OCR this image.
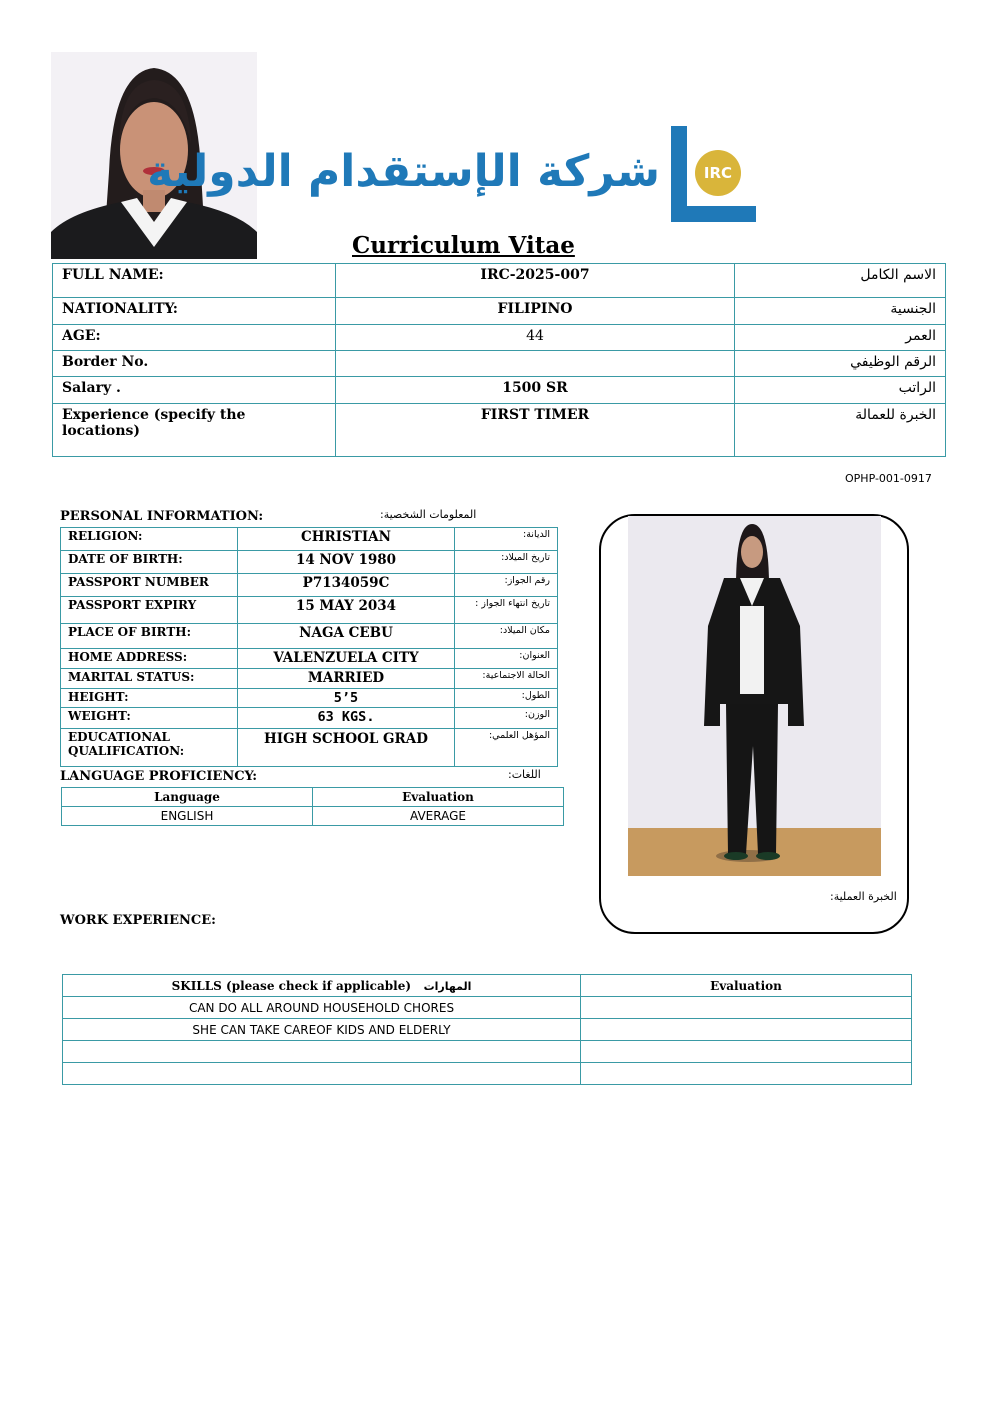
شركة الإستقدام الدولية	IRC
Curriculum Vitae
FULL NAME:	IRC-2025-007	الاسم الكامل
NATIONALITY:	FILIPINO	الجنسية
AGE:	44	العمر
Border No.		الرقم الوظيفي
Salary .	1500 SR	الراتب
Experience (specify the locations)	FIRST TIMER	الخبرة للعمالة
OPHP-001-0917
PERSONAL INFORMATION:	المعلومات الشخصية:
RELIGION:	CHRISTIAN	الديانة:
DATE OF BIRTH:	14 NOV 1980	تاريخ الميلاد:
PASSPORT NUMBER	P7134059C	رقم الجواز:
PASSPORT EXPIRY	15 MAY 2034	تاريخ انتهاء الجواز :
PLACE OF BIRTH:	NAGA CEBU	مكان الميلاد:
HOME ADDRESS:	VALENZUELA CITY	العنوان:
MARITAL STATUS:	MARRIED	الحالة الاجتماعية:
HEIGHT:	5’5	الطول:
WEIGHT:	63 KGS.	الوزن:
EDUCATIONAL QUALIFICATION:	HIGH SCHOOL GRAD	المؤهل العلمي:
LANGUAGE PROFICIENCY:	اللغات:
Language	Evaluation
ENGLISH	AVERAGE
الخبرة العملية:
WORK EXPERIENCE:
SKILLS (please check if applicable) المهارات	Evaluation
CAN DO ALL AROUND HOUSEHOLD CHORES	
SHE CAN TAKE CAREOF KIDS AND ELDERLY	
